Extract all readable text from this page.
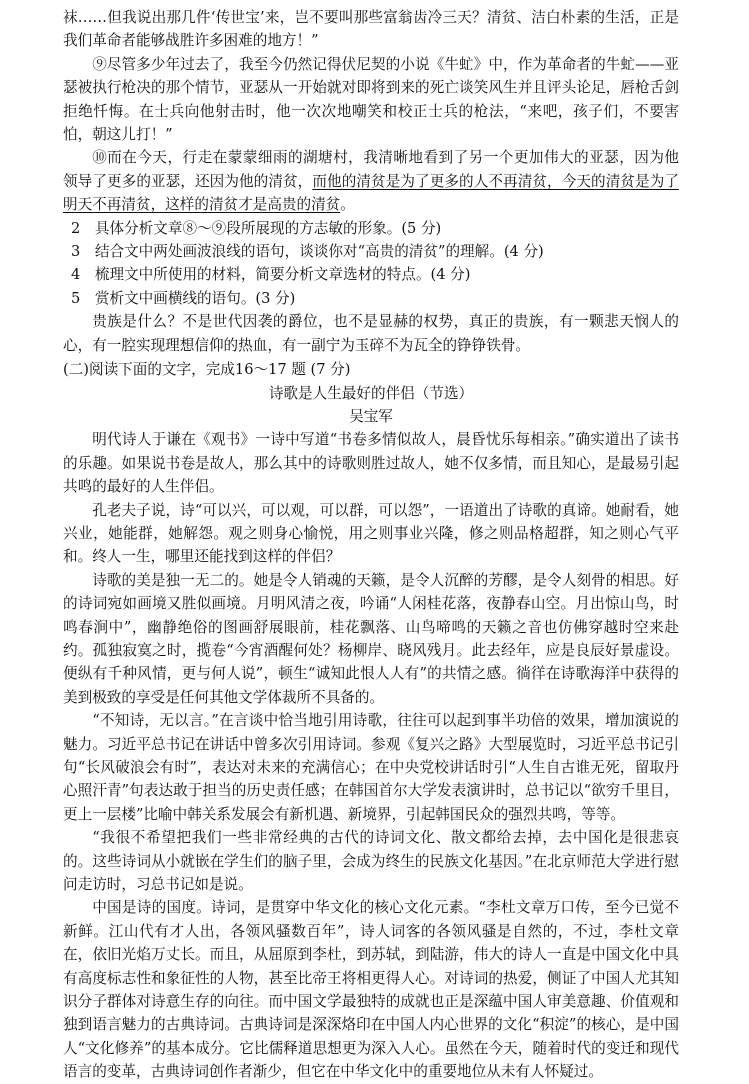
袜……但我说出那几件‘传世宝’来，岂不要叫那些富翁齿冷三天？清贫、洁白朴素的生活，正是我们革命者能够战胜许多困难的地方！”

⑨尽管多少年过去了，我至今仍然记得伏尼契的小说《牛虻》中，作为革命者的牛虻——亚瑟被执行枪决的那个情节，亚瑟从一开始就对即将到来的死亡谈笑风生并且评头论足，唇枪舌剑拒绝忏悔。在士兵向他射击时，他一次次地嘲笑和校正士兵的枪法，“来吧，孩子们，不要害怕，朝这儿打！”

⑩而在今天，行走在蒙蒙细雨的湖塘村，我清晰地看到了另一个更加伟大的亚瑟，因为他　领导了更多的亚瑟，还因为他的清贫，而他的清贫是为了更多的人不再清贫，今天的清贫是为了明天不再清贫，这样的清贫才是高贵的清贫。

2　具体分析文章⑧～⑨段所展现的方志敏的形象。(5 分)

3　结合文中两处画波浪线的语句，谈谈你对“高贵的清贫”的理解。(4 分)

4　梳理文中所使用的材料，简要分析文章选材的特点。(4 分)

5　赏析文中画横线的语句。(3 分)

贵族是什么？不是世代因袭的爵位，也不是显赫的权势，真正的贵族，有一颗悲天悯人的心，有一腔实现理想信仰的热血，有一副宁为玉碎不为瓦全的铮铮铁骨。

(二)阅读下面的文字，完成16～17 题 (7 分)

诗歌是人生最好的伴侣（节选）

吴宝军

明代诗人于谦在《观书》一诗中写道“书卷多情似故人，晨昏忧乐每相亲。”确实道出了读书的乐趣。如果说书卷是故人，那么其中的诗歌则胜过故人，她不仅多情，而且知心，是最易引起共鸣的最好的人生伴侣。

孔老夫子说，诗“可以兴，可以观，可以群，可以怨”，一语道出了诗歌的真谛。她耐看，她兴业，她能群，她解怨。观之则身心愉悦，用之则事业兴隆，修之则品格超群，知之则心气平和。终人一生，哪里还能找到这样的伴侣？

诗歌的美是独一无二的。她是令人销魂的天籁，是令人沉醉的芳醪，是令人刻骨的相思。好的诗词宛如画境又胜似画境。月明风清之夜，吟诵“人闲桂花落，夜静春山空。月出惊山鸟，时鸣春涧中”，幽静绝俗的图画舒展眼前，桂花飘落、山鸟啼鸣的天籁之音也仿佛穿越时空来赴约。孤独寂寞之时，揽卷“今宵酒醒何处？杨柳岸、晓风残月。此去经年，应是良辰好景虚设。便纵有千种风情，更与何人说”，顿生“诚知此恨人人有”的共情之感。徜徉在诗歌海洋中获得的美到极致的享受是任何其他文学体裁所不具备的。

“不知诗，无以言。”在言谈中恰当地引用诗歌，往往可以起到事半功倍的效果，增加演说的魅力。习近平总书记在讲话中曾多次引用诗词。参观《复兴之路》大型展览时，习近平总书记引句“长风破浪会有时”，表达对未来的充满信心；在中央党校讲话时引“人生自古谁无死，留取丹心照汗青”句表达敢于担当的历史责任感；在韩国首尔大学发表演讲时，总书记以“欲穷千里目，更上一层楼”比喻中韩关系发展会有新机遇、新境界，引起韩国民众的强烈共鸣，等等。

“我很不希望把我们一些非常经典的古代的诗词文化、散文都给去掉，去中国化是很悲哀的。这些诗词从小就嵌在学生们的脑子里，会成为终生的民族文化基因。”在北京师范大学进行慰问走访时，习总书记如是说。

中国是诗的国度。诗词，是贯穿中华文化的核心文化元素。“李杜文章万口传，至今已觉不新鲜。江山代有才人出，各领风骚数百年”，诗人词客的各领风骚是自然的，不过，李杜文章在，依旧光焰万丈长。而且，从屈原到李杜，到苏轼，到陆游，伟大的诗人一直是中国文化中具有高度标志性和象征性的人物，甚至比帝王将相更得人心。对诗词的热爱，侧证了中国人尤其知识分子群体对诗意生存的向往。而中国文学最独特的成就也正是深蕴中国人审美意趣、价值观和独到语言魅力的古典诗词。古典诗词是深深烙印在中国人内心世界的文化“积淀”的核心，是中国人“文化修养”的基本成分。它比儒释道思想更为深入人心。虽然在今天，随着时代的变迁和现代语言的变革，古典诗词创作者渐少，但它在中华文化中的重要地位从未有人怀疑过。
